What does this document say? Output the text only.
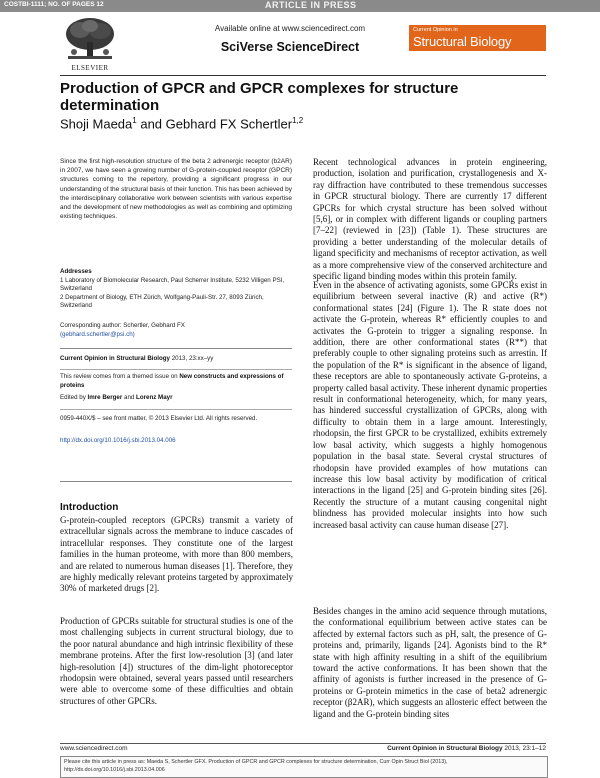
COSTBI-1111; NO. OF PAGES 12	ARTICLE IN PRESS
ELSEVIER
Available online at www.sciencedirect.com
SciVerse ScienceDirect
Current Opinion in
Structural Biology
Production of GPCR and GPCR complexes for structure determination
Shoji Maeda$^1$ and Gebhard FX Schertler$^{1,2}$
Since the first high-resolution structure of the beta 2 adrenergic receptor (b2AR) in 2007, we have seen a growing number of G-protein-coupled receptor (GPCR) structures coming to the repertory, providing a significant progress in our understanding of the structural basis of their function. This has been achieved by the interdisciplinary collaborative work between scientists with various expertise and the development of new methodologies as well as combining and optimizing existing techniques.
Addresses
1 Laboratory of Biomolecular Research, Paul Scherrer Institute, 5232 Villigen PSI, Switzerland
2 Department of Biology, ETH Zürich, Wolfgang-Pauli-Str. 27, 8093 Zürich, Switzerland
Corresponding author: Schertler, Gebhard FX
(gebhard.schertler@psi.ch)
Current Opinion in Structural Biology 2013, 23:xx–yy
This review comes from a themed issue on New constructs and expressions of proteins
Edited by Imre Berger and Lorenz Mayr
0959-440X/$ – see front matter, © 2013 Elsevier Ltd. All rights reserved.
http://dx.doi.org/10.1016/j.sbi.2013.04.006
Introduction

G-protein-coupled receptors (GPCRs) transmit a variety of extracellular signals across the membrane to induce cascades of intracellular responses. They constitute one of the largest families in the human proteome, with more than 800 members, and are related to numerous human diseases [1]. Therefore, they are highly medically relevant proteins targeted by approximately 30% of marketed drugs [2].

Production of GPCRs suitable for structural studies is one of the most challenging subjects in current structural biology, due to the poor natural abundance and high intrinsic flexibility of these membrane proteins. After the first low-resolution [3] (and later high-resolution [4]) structures of the dim-light photoreceptor rhodopsin were obtained, several years passed until researchers were able to overcome some of these difficulties and obtain structures of other GPCRs.

Recent technological advances in protein engineering, production, isolation and purification, crystallogenesis and X-ray diffraction have contributed to these tremendous successes in GPCR structural biology. There are currently 17 different GPCRs for which crystal structure has been solved without [5,6], or in complex with different ligands or coupling partners [7–22] (reviewed in [23]) (Table 1). These structures are providing a better understanding of the molecular details of ligand specificity and mechanisms of receptor activation, as well as a more comprehensive view of the conserved architecture and specific ligand binding modes within this protein family.

Even in the absence of activating agonists, some GPCRs exist in equilibrium between several inactive (R) and active (R*) conformational states [24] (Figure 1). The R state does not activate the G-protein, whereas R* efficiently couples to and activates the G-protein to trigger a signaling response. In addition, there are other conformational states (R**) that preferably couple to other signaling proteins such as arrestin. If the population of the R* is significant in the absence of ligand, these receptors are able to spontaneously activate G-proteins, a property called basal activity. These inherent dynamic properties result in conformational heterogeneity, which, for many years, has hindered successful crystallization of GPCRs, along with difficulty to obtain them in a large amount. Interestingly, rhodopsin, the first GPCR to be crystallized, exhibits extremely low basal activity, which suggests a highly homogenous population in the basal state. Several crystal structures of rhodopsin have provided examples of how mutations can increase this low basal activity by modification of critical interactions in the ligand [25] and G-protein binding sites [26]. Recently the structure of a mutant causing congenital night blindness has provided molecular insights into how such increased basal activity can cause human disease [27].

Besides changes in the amino acid sequence through mutations, the conformational equilibrium between active states can be affected by external factors such as pH, salt, the presence of G-proteins and, primarily, ligands [24]. Agonists bind to the R* state with high affinity resulting in a shift of the equilibrium toward the active conformations. It has been shown that the affinity of agonists is further increased in the presence of G-proteins or G-protein mimetics in the case of beta2 adrenergic receptor (β2AR), which suggests an allosteric effect between the ligand and the G-protein binding sites

www.sciencedirect.com	Current Opinion in Structural Biology 2013, 23:1–12
Please cite this article in press as: Maeda S, Schertler GFX. Production of GPCR and GPCR complexes for structure determination, Curr Opin Struct Biol (2013), http://dx.doi.org/10.1016/j.sbi.2013.04.006
